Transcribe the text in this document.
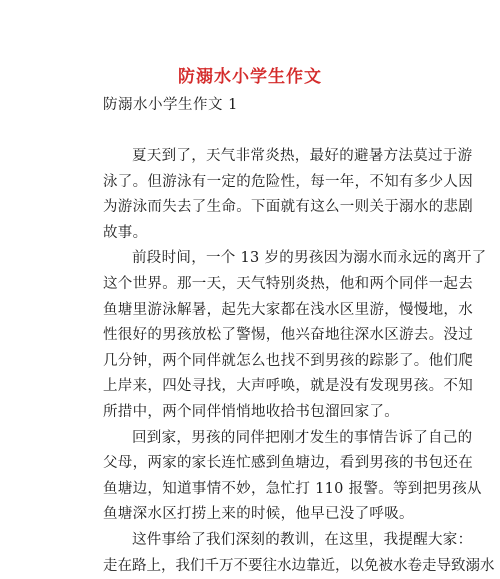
防溺水小学生作文
防溺水小学生作文 1
夏天到了，天气非常炎热，最好的避暑方法莫过于游
泳了。但游泳有一定的危险性，每一年，不知有多少人因
为游泳而失去了生命。下面就有这么一则关于溺水的悲剧
故事。
前段时间，一个 13 岁的男孩因为溺水而永远的离开了
这个世界。那一天，天气特别炎热，他和两个同伴一起去
鱼塘里游泳解暑，起先大家都在浅水区里游，慢慢地，水
性很好的男孩放松了警惕，他兴奋地往深水区游去。没过
几分钟，两个同伴就怎么也找不到男孩的踪影了。他们爬
上岸来，四处寻找，大声呼唤，就是没有发现男孩。不知
所措中，两个同伴悄悄地收拾书包溜回家了。
回到家，男孩的同伴把刚才发生的事情告诉了自己的
父母，两家的家长连忙感到鱼塘边，看到男孩的书包还在
鱼塘边，知道事情不妙，急忙打 110 报警。等到把男孩从
鱼塘深水区打捞上来的时候，他早已没了呼吸。
这件事给了我们深刻的教训，在这里，我提醒大家：
走在路上，我们千万不要往水边靠近，以免被水卷走导致溺水
